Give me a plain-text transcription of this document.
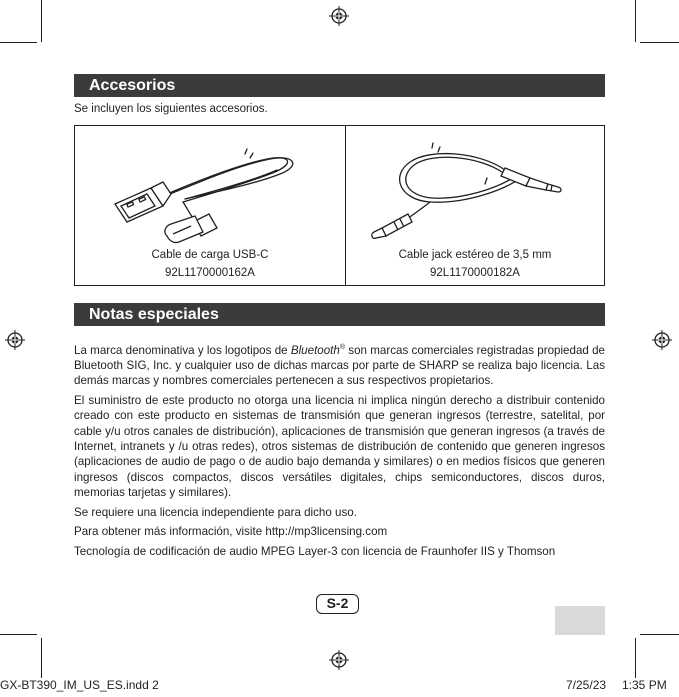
Accesorios
Se incluyen los siguientes accesorios.
Cable de carga USB-C
92L1170000162A
Cable jack estéreo de 3,5 mm
92L1170000182A
Notas especiales

La marca denominativa y los logotipos de Bluetooth® son marcas comerciales registradas propiedad de Bluetooth SIG, Inc. y cualquier uso de dichas marcas por parte de SHARP se realiza bajo licencia. Las demás marcas y nombres comerciales pertenecen a sus respectivos propietarios.

El suministro de este producto no otorga una licencia ni implica ningún derecho a distribuir contenido creado con este producto en sistemas de transmisión que generan ingresos (terrestre, satelital, por cable y/u otros canales de distribución), aplicaciones de transmisión que generan ingresos (a través de Internet, intranets y /u otras redes), otros sistemas de distribución de contenido que generen ingresos (aplicaciones de audio de pago o de audio bajo demanda y similares) o en medios físicos que generen ingresos (discos compactos, discos versátiles digitales, chips semiconductores, discos duros, memorias tarjetas y similares).

Se requiere una licencia independiente para dicho uso.

Para obtener más información, visite http://mp3licensing.com

Tecnología de codificación de audio MPEG Layer-3 con licencia de Fraunhofer IIS y Thomson

S-2
GX-BT390_IM_US_ES.indd 2	7/25/23 1:35 PM
